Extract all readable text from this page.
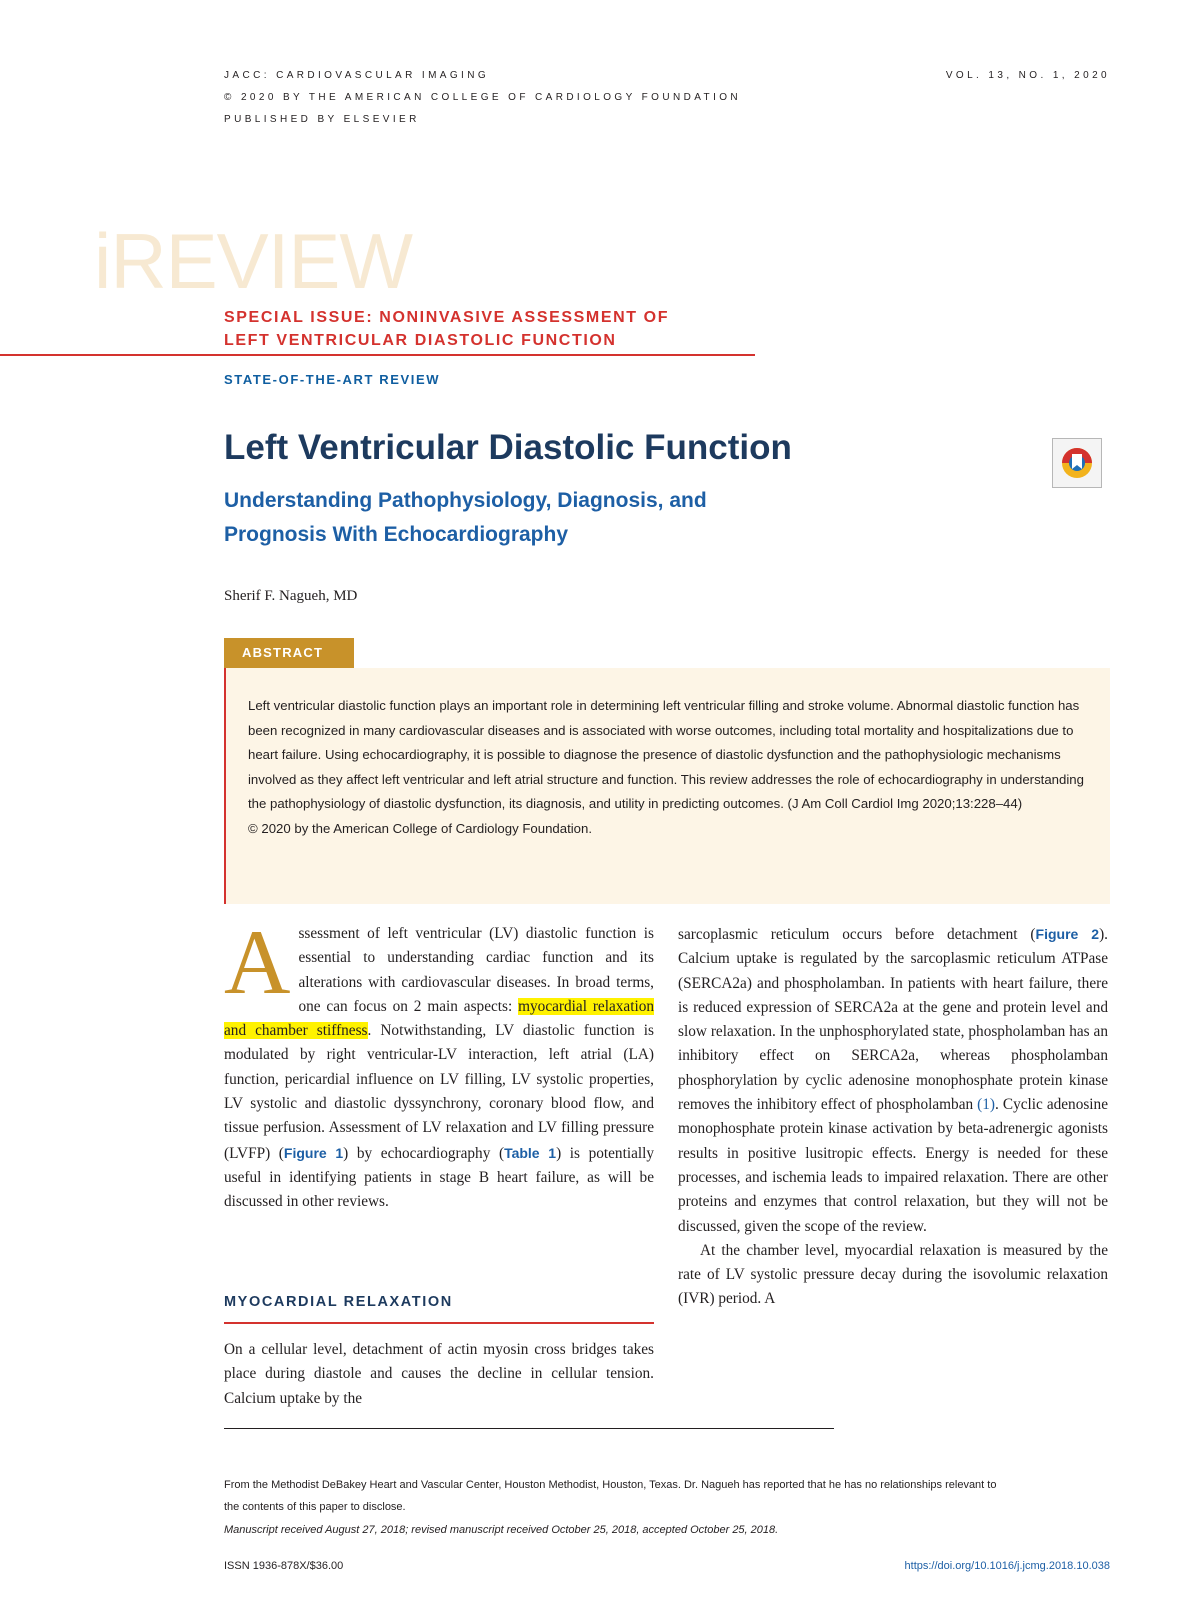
JACC: CARDIOVASCULAR IMAGING	VOL. 13, NO. 1, 2020
© 2020 BY THE AMERICAN COLLEGE OF CARDIOLOGY FOUNDATION
PUBLISHED BY ELSEVIER
iREVIEW
SPECIAL ISSUE: NONINVASIVE ASSESSMENT OF
LEFT VENTRICULAR DIASTOLIC FUNCTION
STATE-OF-THE-ART REVIEW
Left Ventricular Diastolic Function
Understanding Pathophysiology, Diagnosis, and
Prognosis With Echocardiography
Sherif F. Nagueh, MD
ABSTRACT
Left ventricular diastolic function plays an important role in determining left ventricular filling and stroke volume. Abnormal diastolic function has been recognized in many cardiovascular diseases and is associated with worse outcomes, including total mortality and hospitalizations due to heart failure. Using echocardiography, it is possible to diagnose the presence of diastolic dysfunction and the pathophysiologic mechanisms involved as they affect left ventricular and left atrial structure and function. This review addresses the role of echocardiography in understanding the pathophysiology of diastolic dysfunction, its diagnosis, and utility in predicting outcomes. (J Am Coll Cardiol Img 2020;13:228–44)
© 2020 by the American College of Cardiology Foundation.

Assessment of left ventricular (LV) diastolic function is essential to understanding cardiac function and its alterations with cardiovascular diseases. In broad terms, one can focus on 2 main aspects: myocardial relaxation and chamber stiffness. Notwithstanding, LV diastolic function is modulated by right ventricular-LV interaction, left atrial (LA) function, pericardial influence on LV filling, LV systolic properties, LV systolic and diastolic dyssynchrony, coronary blood flow, and tissue perfusion. Assessment of LV relaxation and LV filling pressure (LVFP) (Figure 1) by echocardiography (Table 1) is potentially useful in identifying patients in stage B heart failure, as will be discussed in other reviews.

MYOCARDIAL RELAXATION

On a cellular level, detachment of actin myosin cross bridges takes place during diastole and causes the decline in cellular tension. Calcium uptake by the

sarcoplasmic reticulum occurs before detachment (Figure 2). Calcium uptake is regulated by the sarcoplasmic reticulum ATPase (SERCA2a) and phospholamban. In patients with heart failure, there is reduced expression of SERCA2a at the gene and protein level and slow relaxation. In the unphosphorylated state, phospholamban has an inhibitory effect on SERCA2a, whereas phospholamban phosphorylation by cyclic adenosine monophosphate protein kinase removes the inhibitory effect of phospholamban (1). Cyclic adenosine monophosphate protein kinase activation by beta-adrenergic agonists results in positive lusitropic effects. Energy is needed for these processes, and ischemia leads to impaired relaxation. There are other proteins and enzymes that control relaxation, but they will not be discussed, given the scope of the review.

At the chamber level, myocardial relaxation is measured by the rate of LV systolic pressure decay during the isovolumic relaxation (IVR) period. A

From the Methodist DeBakey Heart and Vascular Center, Houston Methodist, Houston, Texas. Dr. Nagueh has reported that he has no relationships relevant to the contents of this paper to disclose.
Manuscript received August 27, 2018; revised manuscript received October 25, 2018, accepted October 25, 2018.
ISSN 1936-878X/$36.00	https://doi.org/10.1016/j.jcmg.2018.10.038
